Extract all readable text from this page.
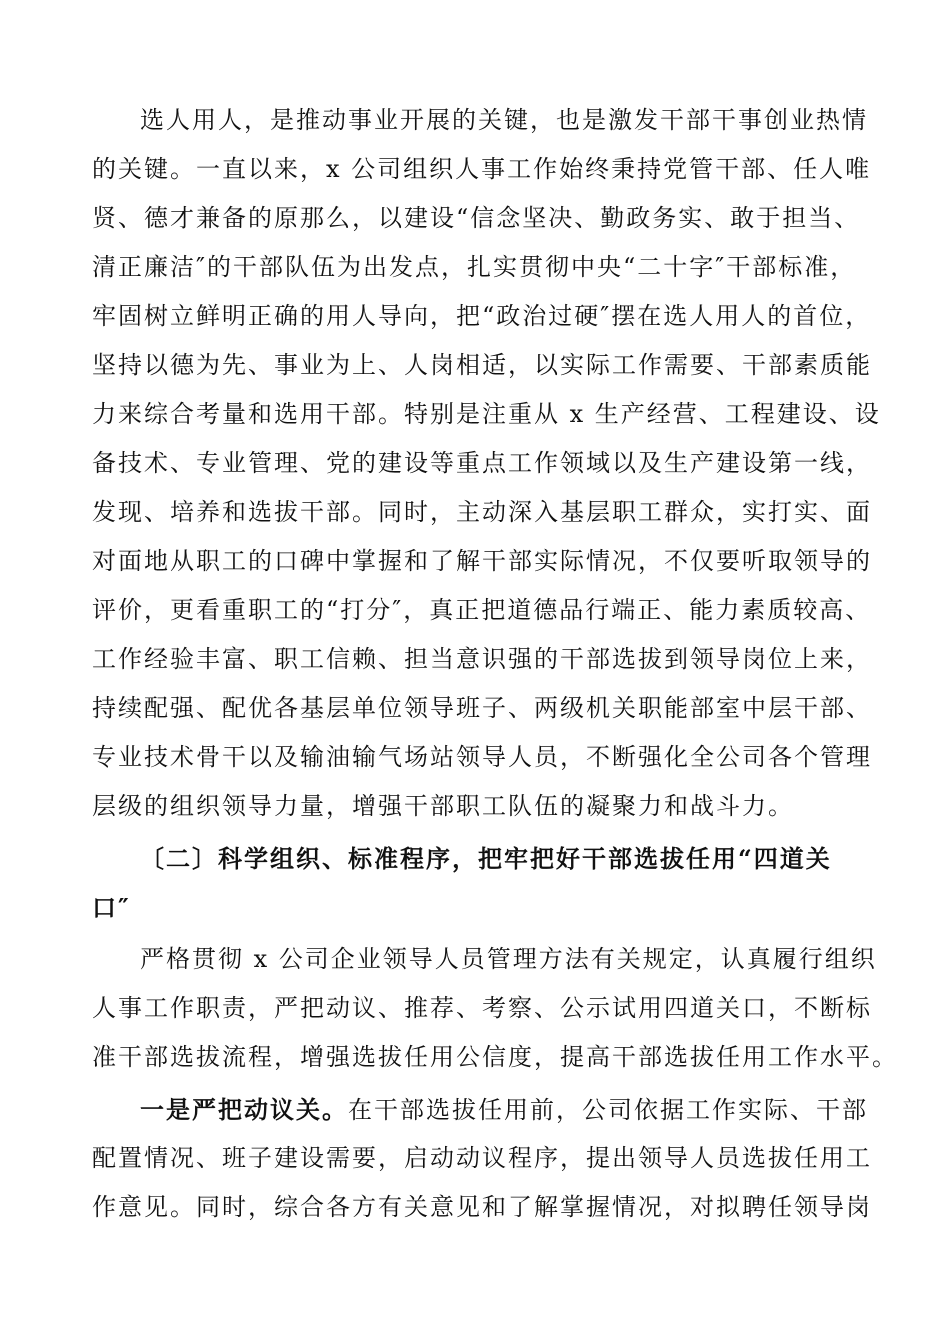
选人用人，是推动事业开展的关键，也是激发干部干事创业热情
的关键。一直以来，x 公司组织人事工作始终秉持党管干部、任人唯
贤、德才兼备的原那么，以建设“信念坚决、勤政务实、敢于担当、
清正廉洁″的干部队伍为出发点，扎实贯彻中央“二十字″干部标准，
牢固树立鲜明正确的用人导向，把“政治过硬″摆在选人用人的首位，
坚持以德为先、事业为上、人岗相适，以实际工作需要、干部素质能
力来综合考量和选用干部。特别是注重从 x 生产经营、工程建设、设
备技术、专业管理、党的建设等重点工作领域以及生产建设第一线，
发现、培养和选拔干部。同时，主动深入基层职工群众，实打实、面
对面地从职工的口碑中掌握和了解干部实际情况，不仅要听取领导的
评价，更看重职工的“打分″，真正把道德品行端正、能力素质较高、
工作经验丰富、职工信赖、担当意识强的干部选拔到领导岗位上来，
持续配强、配优各基层单位领导班子、两级机关职能部室中层干部、
专业技术骨干以及输油输气场站领导人员，不断强化全公司各个管理
层级的组织领导力量，增强干部职工队伍的凝聚力和战斗力。
〔二〕科学组织、标准程序，把牢把好干部选拔任用“四道关
口″
严格贯彻 x 公司企业领导人员管理方法有关规定，认真履行组织
人事工作职责，严把动议、推荐、考察、公示试用四道关口，不断标
准干部选拔流程，增强选拔任用公信度，提高干部选拔任用工作水平。
一是严把动议关。在干部选拔任用前，公司依据工作实际、干部
配置情况、班子建设需要，启动动议程序，提出领导人员选拔任用工
作意见。同时，综合各方有关意见和了解掌握情况，对拟聘任领导岗
